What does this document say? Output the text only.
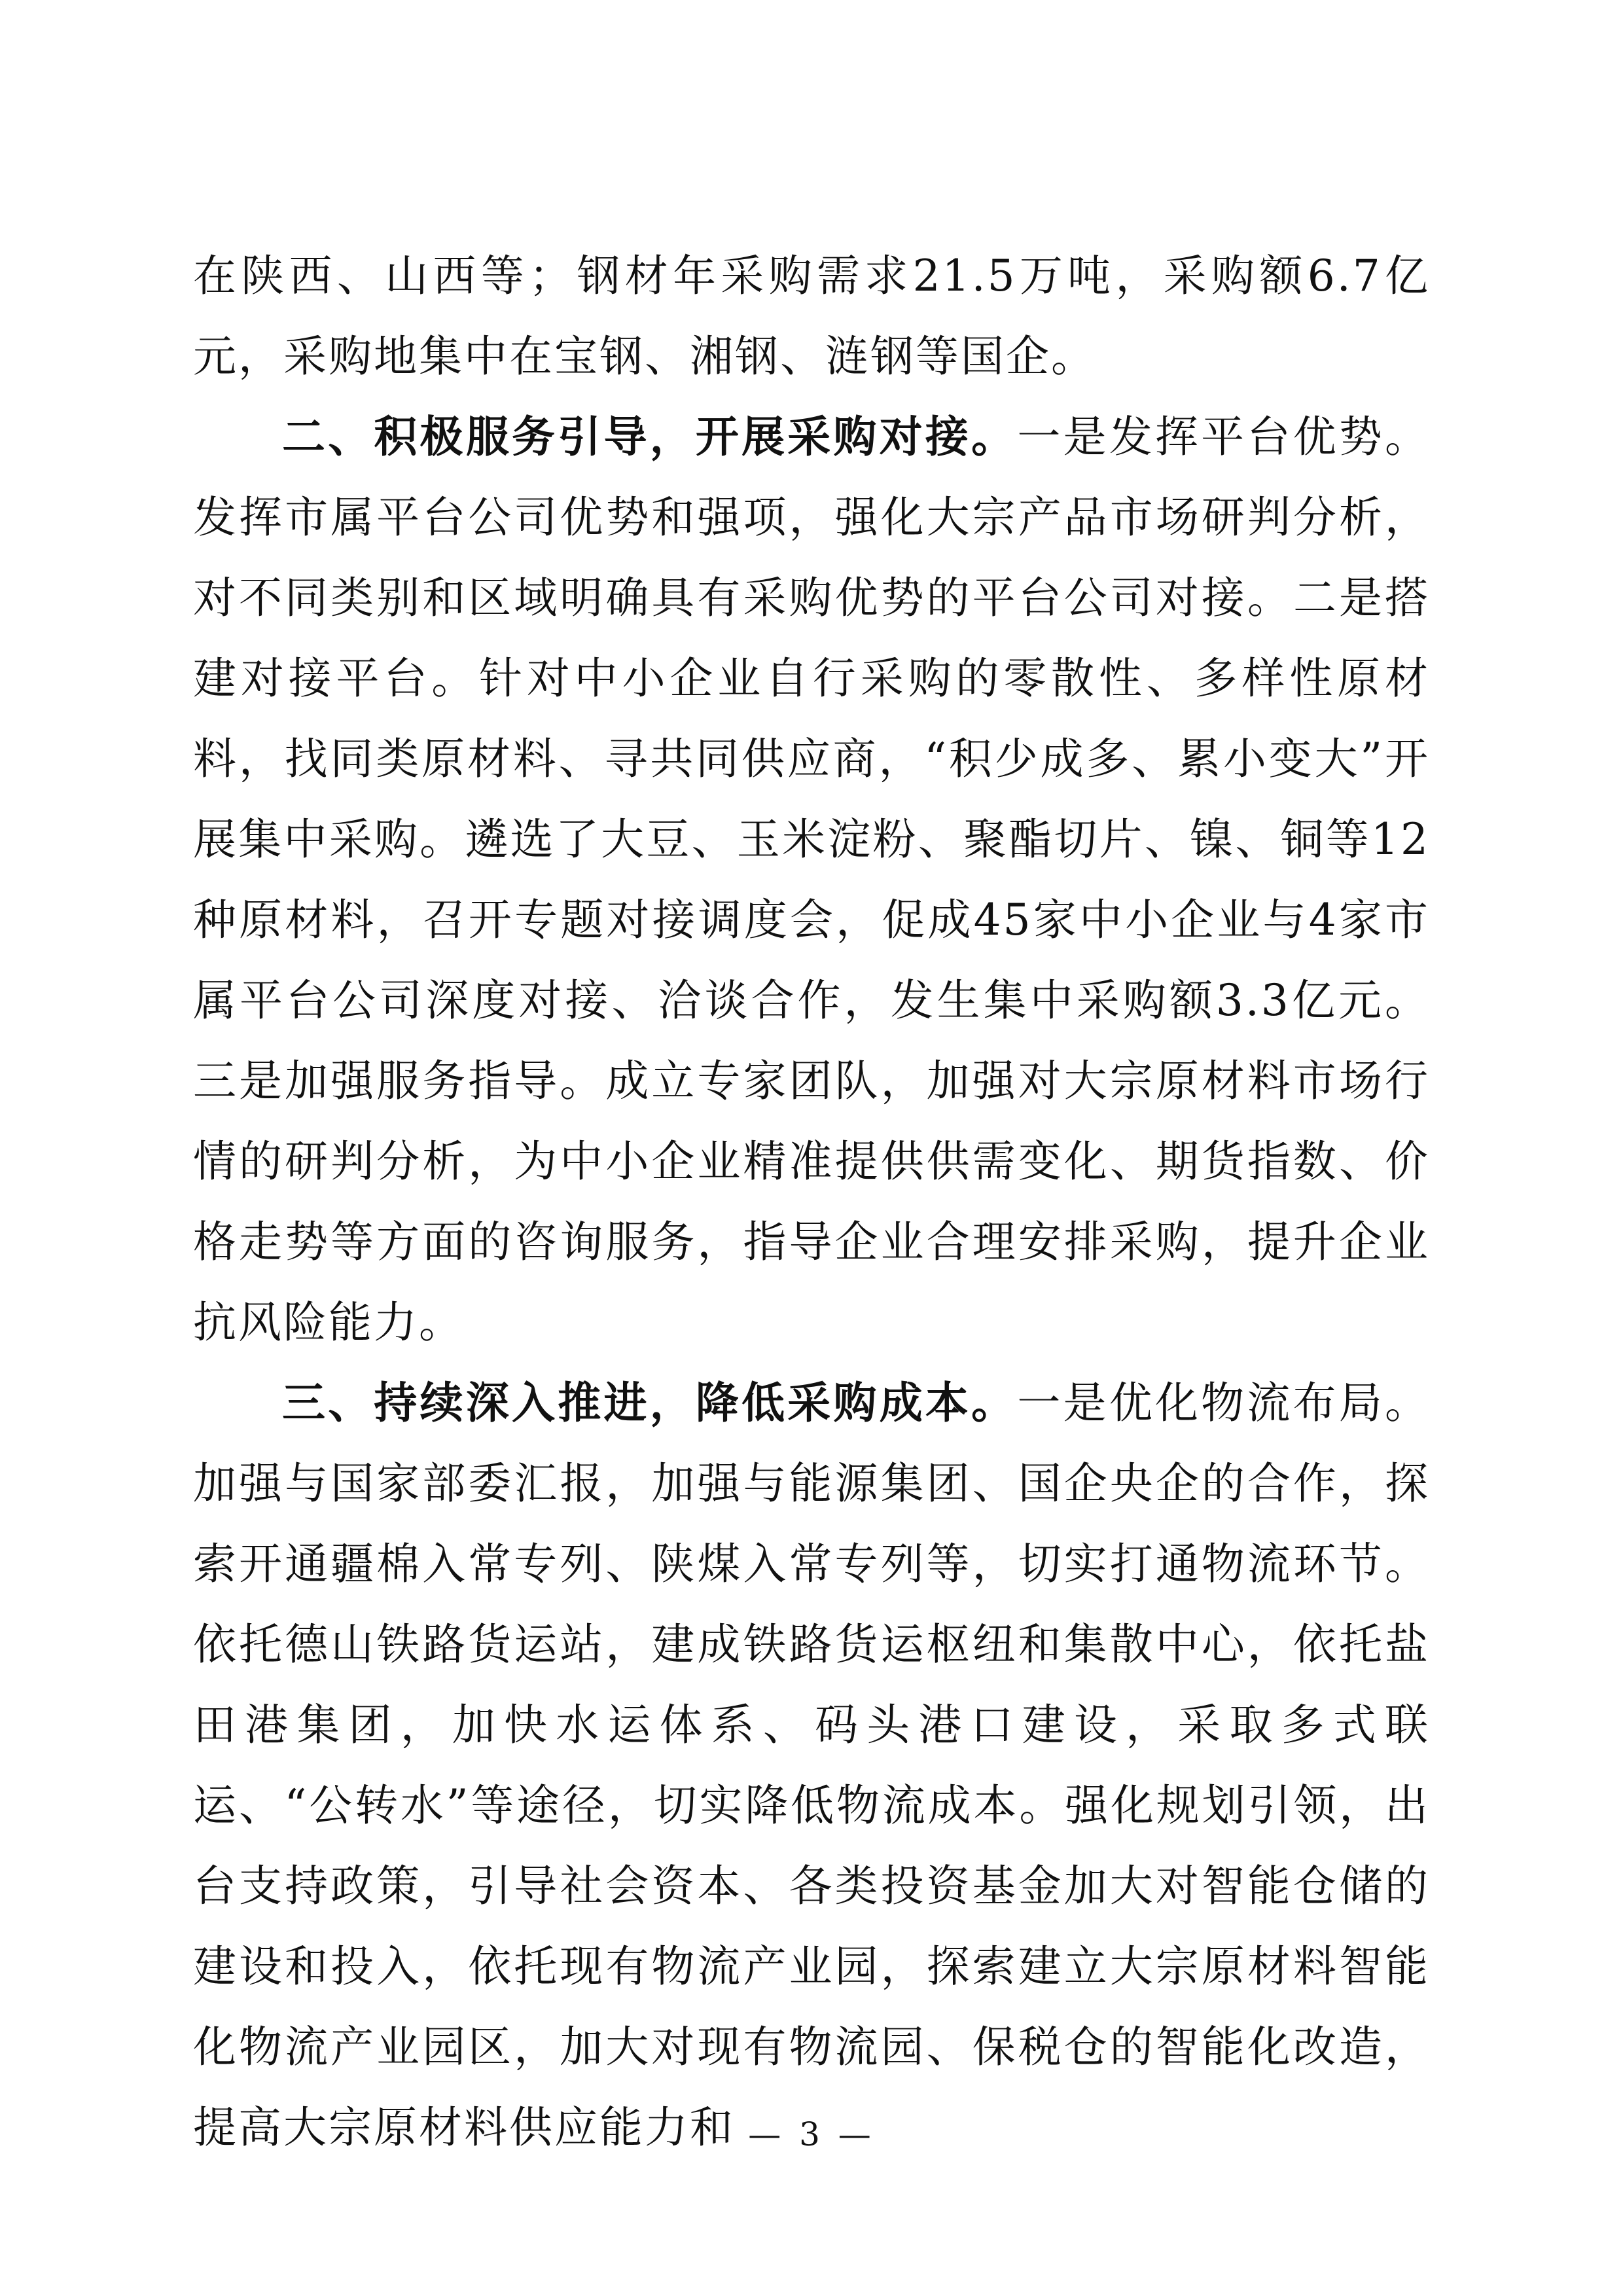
在陕西、山西等；钢材年采购需求21.5万吨，采购额6.7亿元，采购地集中在宝钢、湘钢、涟钢等国企。

二、积极服务引导，开展采购对接。一是发挥平台优势。发挥市属平台公司优势和强项，强化大宗产品市场研判分析，对不同类别和区域明确具有采购优势的平台公司对接。二是搭建对接平台。针对中小企业自行采购的零散性、多样性原材料，找同类原材料、寻共同供应商，“积少成多、累小变大”开展集中采购。遴选了大豆、玉米淀粉、聚酯切片、镍、铜等12种原材料，召开专题对接调度会，促成45家中小企业与4家市属平台公司深度对接、洽谈合作，发生集中采购额3.3亿元。三是加强服务指导。成立专家团队，加强对大宗原材料市场行情的研判分析，为中小企业精准提供供需变化、期货指数、价格走势等方面的咨询服务，指导企业合理安排采购，提升企业抗风险能力。

三、持续深入推进，降低采购成本。一是优化物流布局。加强与国家部委汇报，加强与能源集团、国企央企的合作，探索开通疆棉入常专列、陕煤入常专列等，切实打通物流环节。依托德山铁路货运站，建成铁路货运枢纽和集散中心，依托盐田港集团，加快水运体系、码头港口建设，采取多式联运、“公转水”等途径，切实降低物流成本。强化规划引领，出台支持政策，引导社会资本、各类投资基金加大对智能仓储的建设和投入，依托现有物流产业园，探索建立大宗原材料智能化物流产业园区，加大对现有物流园、保税仓的智能化改造，提高大宗原材料供应能力和 — 3 —
